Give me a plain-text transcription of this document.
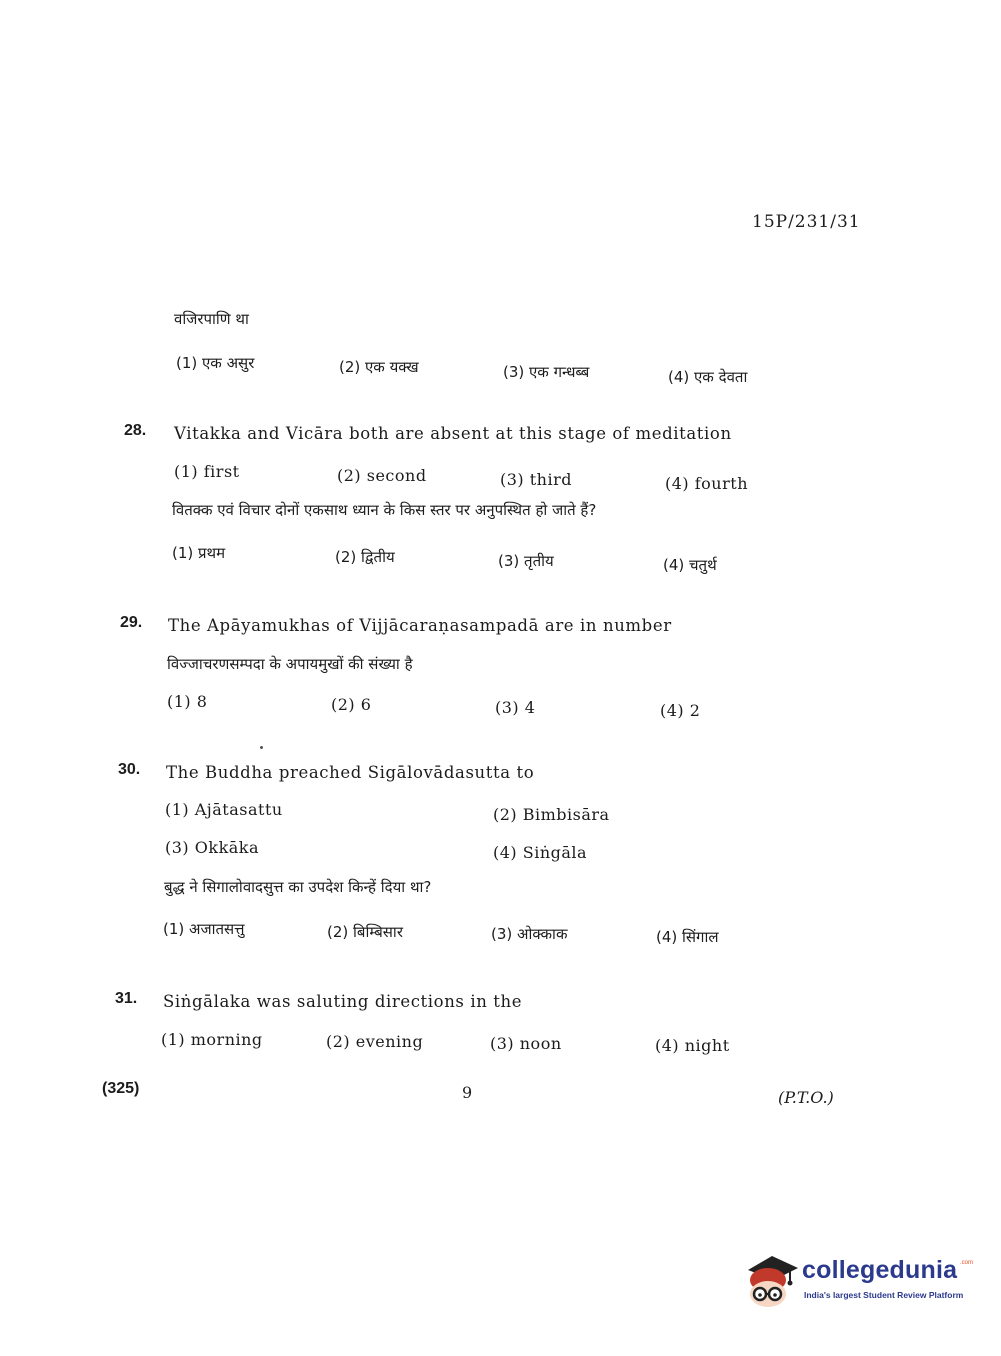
15P/231/31
वजिरपाणि था
(1) एक असुर	(2) एक यक्ख	(3) एक गन्धब्ब	(4) एक देवता
28. Vitakka and Vicāra both are absent at this stage of meditation
(1) first	(2) second	(3) third	(4) fourth
वितक्क एवं विचार दोनों एकसाथ ध्यान के किस स्तर पर अनुपस्थित हो जाते हैं?
(1) प्रथम	(2) द्वितीय	(3) तृतीय	(4) चतुर्थ
29. The Apāyamukhas of Vijjācaraṇasampadā are in number
विज्जाचरणसम्पदा के अपायमुखों की संख्या है
(1) 8	(2) 6	(3) 4	(4) 2
30. The Buddha preached Sigālovādasutta to
(1) Ajātasattu	(2) Bimbisāra
(3) Okkāka	(4) Siṅgāla
बुद्ध ने सिगालोवादसुत्त का उपदेश किन्हें दिया था?
(1) अजातसत्तु	(2) बिम्बिसार	(3) ओक्काक	(4) सिंगाल
31. Siṅgālaka was saluting directions in the
(1) morning	(2) evening	(3) noon	(4) night
(325)	9	(P.T.O.)
collegedunia .com
India's largest Student Review Platform
